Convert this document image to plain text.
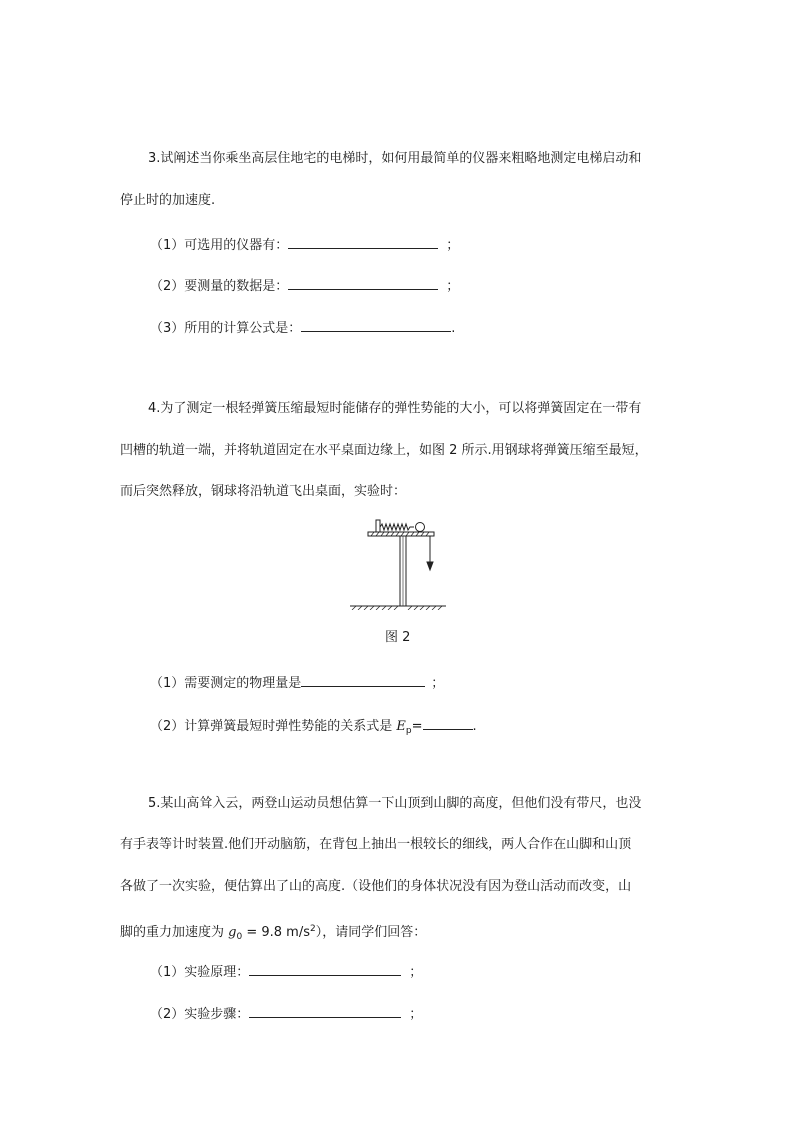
3.试阐述当你乘坐高层住地宅的电梯时，如何用最简单的仪器来粗略地测定电梯启动和
停止时的加速度.
（1）可选用的仪器有：	；
（2）要测量的数据是：	；
（3）所用的计算公式是：	.
4.为了测定一根轻弹簧压缩最短时能储存的弹性势能的大小，可以将弹簧固定在一带有
凹槽的轨道一端，并将轨道固定在水平桌面边缘上，如图 2 所示.用钢球将弹簧压缩至最短，
而后突然释放，钢球将沿轨道飞出桌面，实验时：
图 2
（1）需要测定的物理量是	；
（2）计算弹簧最短时弹性势能的关系式是 $E_p=$	.
5.某山高耸入云，两登山运动员想估算一下山顶到山脚的高度，但他们没有带尺，也没
有手表等计时装置.他们开动脑筋，在背包上抽出一根较长的细线，两人合作在山脚和山顶
各做了一次实验，便估算出了山的高度.（设他们的身体状况没有因为登山活动而改变，山
脚的重力加速度为 $g_0 = 9.8$ $m/s^2$），请同学们回答：
（1）实验原理：	；
（2）实验步骤：	；
